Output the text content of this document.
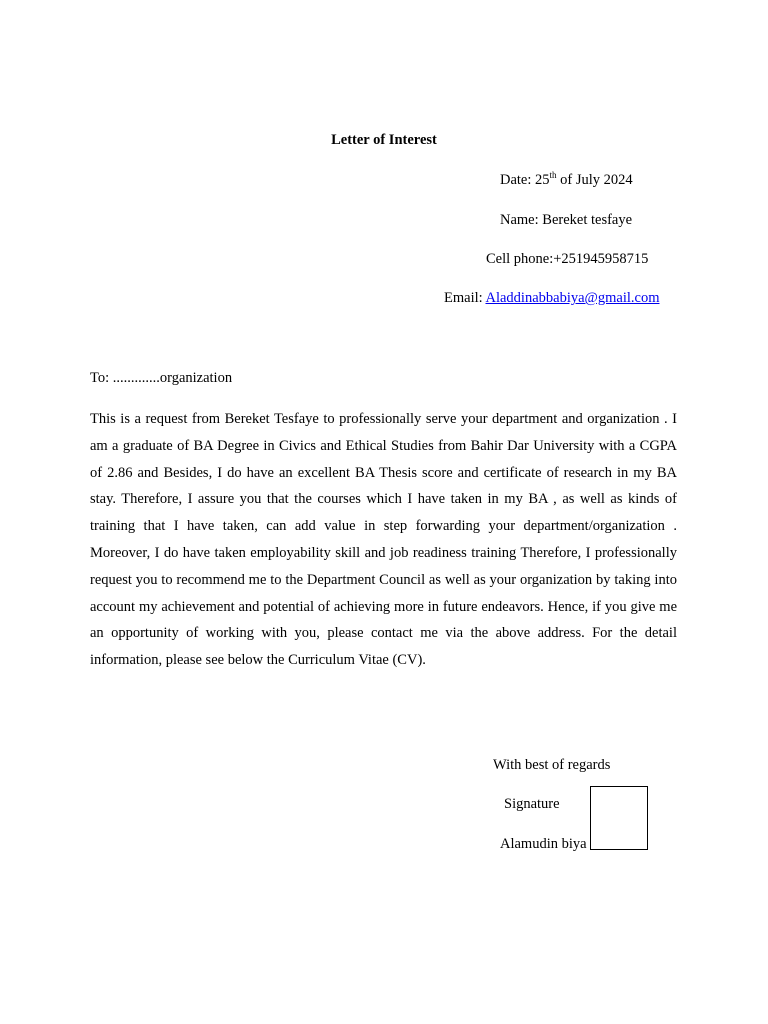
Letter of Interest
Date: 25th of July 2024
Name: Bereket tesfaye
Cell phone:+251945958715
Email: Aladdinabbabiya@gmail.com
To: .............organization
This is a request from Bereket Tesfaye to professionally serve your department and organization . I am a graduate of BA Degree in Civics and Ethical Studies from Bahir Dar University with a CGPA of 2.86 and Besides, I do have an excellent BA Thesis score and certificate of research in my BA stay. Therefore, I assure you that the courses which I have taken in my BA , as well as kinds of training that I have taken, can add value in step forwarding your department/organization . Moreover, I do have taken employability skill and job readiness training Therefore, I professionally request you to recommend me to the Department Council as well as your organization by taking into account my achievement and potential of achieving more in future endeavors. Hence, if you give me an opportunity of working with you, please contact me via the above address. For the detail information, please see below the Curriculum Vitae (CV).
With best of regards
Signature
Alamudin biya
